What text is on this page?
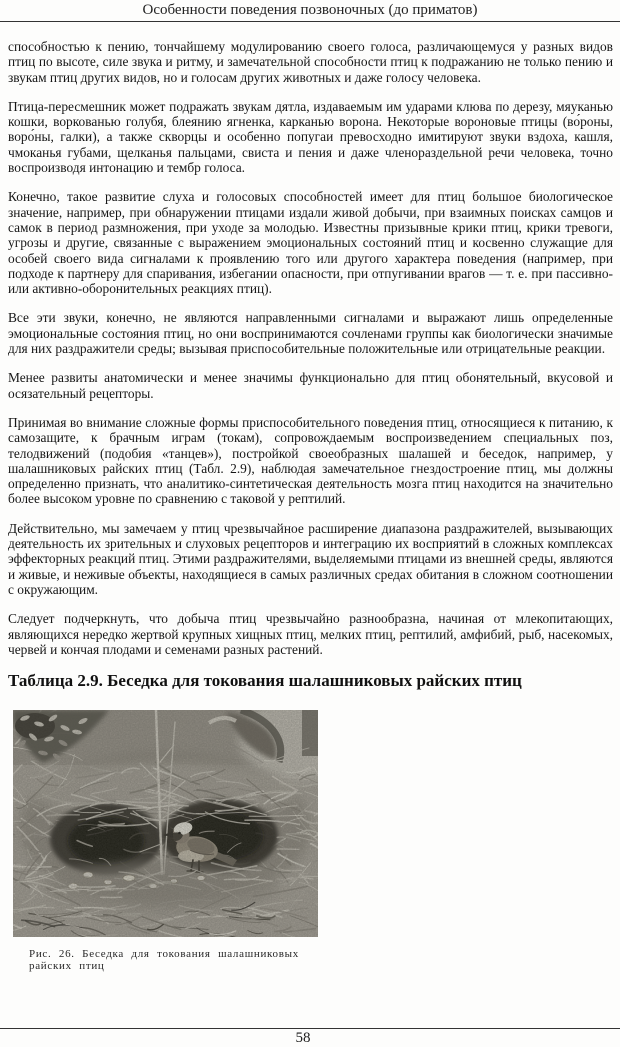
Особенности поведения позвоночных (до приматов)

способностью к пению, тончайшему модулированию своего голоса, различающемуся у разных видов птиц по высоте, силе звука и ритму, и замечательной способности птиц к подражанию не только пению и звукам птиц других видов, но и голосам других животных и даже голосу человека.

Птица-пересмешник может подражать звукам дятла, издаваемым им ударами клюва по дерезу, мяуканью кошки, воркованью голубя, блеянию ягненка, карканью ворона. Некоторые вороновые птицы (во́роны, воро́ны, галки), а также скворцы и особенно попугаи превосходно имитируют звуки вздоха, кашля, чмоканья губами, щелканья пальцами, свиста и пения и даже членораздельной речи человека, точно воспроизводя интонацию и тембр голоса.

Конечно, такое развитие слуха и голосовых способностей имеет для птиц большое биологическое значение, например, при обнаружении птицами издали живой добычи, при взаимных поисках самцов и самок в период размножения, при уходе за молодью. Известны призывные крики птиц, крики тревоги, угрозы и другие, связанные с выражением эмоциональных состояний птиц и косвенно служащие для особей своего вида сигналами к проявлению того или другого характера поведения (например, при подходе к партнеру для спаривания, избегании опасности, при отпугивании врагов — т. е. при пассивно- или активно-оборонительных реакциях птиц).

Все эти звуки, конечно, не являются направленными сигналами и выражают лишь определенные эмоциональные состояния птиц, но они воспринимаются сочленами группы как биологически значимые для них раздражители среды; вызывая приспособительные положительные или отрицательные реакции.

Менее развиты анатомически и менее значимы функционально для птиц обонятельный, вкусовой и осязательный рецепторы.

Принимая во внимание сложные формы приспособительного поведения птиц, относящиеся к питанию, к самозащите, к брачным играм (токам), сопровождаемым воспроизведением специальных поз, телодвижений (подобия «танцев»), постройкой своеобразных шалашей и беседок, например, у шалашниковых райских птиц (Табл. 2.9), наблюдая замечательное гнездостроение птиц, мы должны определенно признать, что аналитико-синтетическая деятельность мозга птиц находится на значительно более высоком уровне по сравнению с таковой у рептилий.

Действительно, мы замечаем у птиц чрезвычайное расширение диапазона раздражителей, вызывающих деятельность их зрительных и слуховых рецепторов и интеграцию их восприятий в сложных комплексах эффекторных реакций птиц. Этими раздражителями, выделяемыми птицами из внешней среды, являются и живые, и неживые объекты, находящиеся в самых различных средах обитания в сложном соотношении с окружающим.

Следует подчеркнуть, что добыча птиц чрезвычайно разнообразна, начиная от млекопитающих, являющихся нередко жертвой крупных хищных птиц, мелких птиц, рептилий, амфибий, рыб, насекомых, червей и кончая плодами и семенами разных растений.

Таблица 2.9. Беседка для токования шалашниковых райских птиц
Рис. 26. Беседка для токования шалашниковых райских птиц
58
